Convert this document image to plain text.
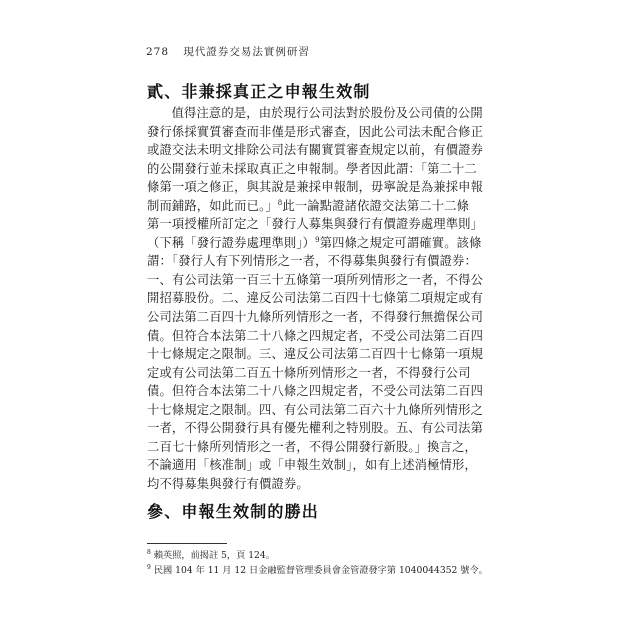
278 現代證券交易法實例研習
貳、非兼採真正之申報生效制
值得注意的是，由於現行公司法對於股份及公司債的公開
發行係採實質審查而非僅是形式審查，因此公司法未配合修正
或證交法未明文排除公司法有關實質審查規定以前，有價證券
的公開發行並未採取真正之申報制。學者因此謂：「第二十二
條第一項之修正，與其說是兼採申報制，毋寧說是為兼採申報
制而鋪路，如此而已。」$^8$此一論點證諸依證交法第二十二條
第一項授權所訂定之「發行人募集與發行有價證券處理準則」
（下稱「發行證券處理準則」）$^9$第四條之規定可謂確實。該條
謂：「發行人有下列情形之一者，不得募集與發行有價證券：
一、有公司法第一百三十五條第一項所列情形之一者，不得公
開招募股份。二、違反公司法第二百四十七條第二項規定或有
公司法第二百四十九條所列情形之一者，不得發行無擔保公司
債。但符合本法第二十八條之四規定者，不受公司法第二百四
十七條規定之限制。三、違反公司法第二百四十七條第一項規
定或有公司法第二百五十條所列情形之一者，不得發行公司
債。但符合本法第二十八條之四規定者，不受公司法第二百四
十七條規定之限制。四、有公司法第二百六十九條所列情形之
一者，不得公開發行具有優先權利之特別股。五、有公司法第
二百七十條所列情形之一者，不得公開發行新股。」換言之，
不論適用「核准制」或「申報生效制」，如有上述消極情形，
均不得募集與發行有價證券。
參、申報生效制的勝出
$^8$ 賴英照，前揭註 5，頁 124。
$^9$ 民國 104 年 11 月 12 日金融監督管理委員會金管證發字第 1040044352 號令。
